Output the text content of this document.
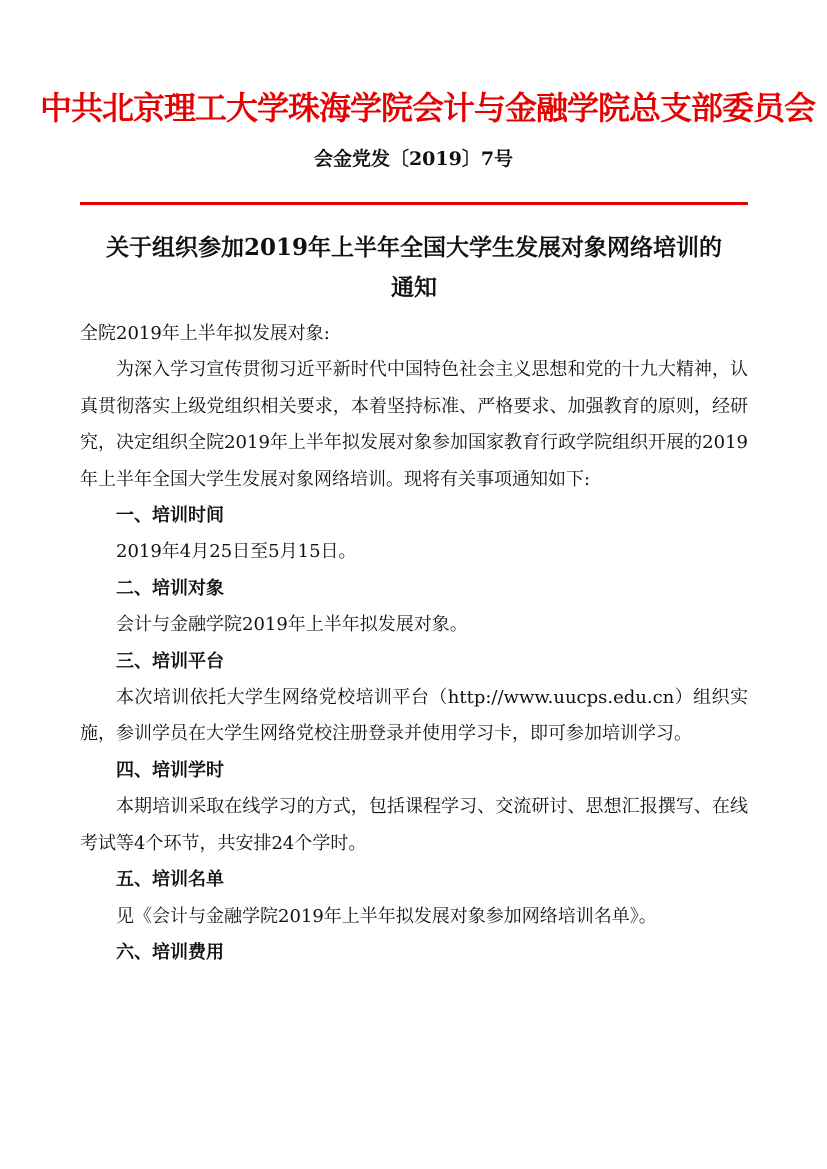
中共北京理工大学珠海学院会计与金融学院总支部委员会
会金党发〔2019〕7号
关于组织参加2019年上半年全国大学生发展对象网络培训的
通知

全院2019年上半年拟发展对象:

为深入学习宣传贯彻习近平新时代中国特色社会主义思想和党的十九大精神，认真贯彻落实上级党组织相关要求，本着坚持标准、严格要求、加强教育的原则，经研究，决定组织全院2019年上半年拟发展对象参加国家教育行政学院组织开展的2019年上半年全国大学生发展对象网络培训。现将有关事项通知如下:

一、培训时间

2019年4月25日至5月15日。

二、培训对象

会计与金融学院2019年上半年拟发展对象。

三、培训平台

本次培训依托大学生网络党校培训平台（http://www.uucps.edu.cn）组织实施，参训学员在大学生网络党校注册登录并使用学习卡，即可参加培训学习。

四、培训学时

本期培训采取在线学习的方式，包括课程学习、交流研讨、思想汇报撰写、在线考试等4个环节，共安排24个学时。

五、培训名单

见《会计与金融学院2019年上半年拟发展对象参加网络培训名单》。

六、培训费用
